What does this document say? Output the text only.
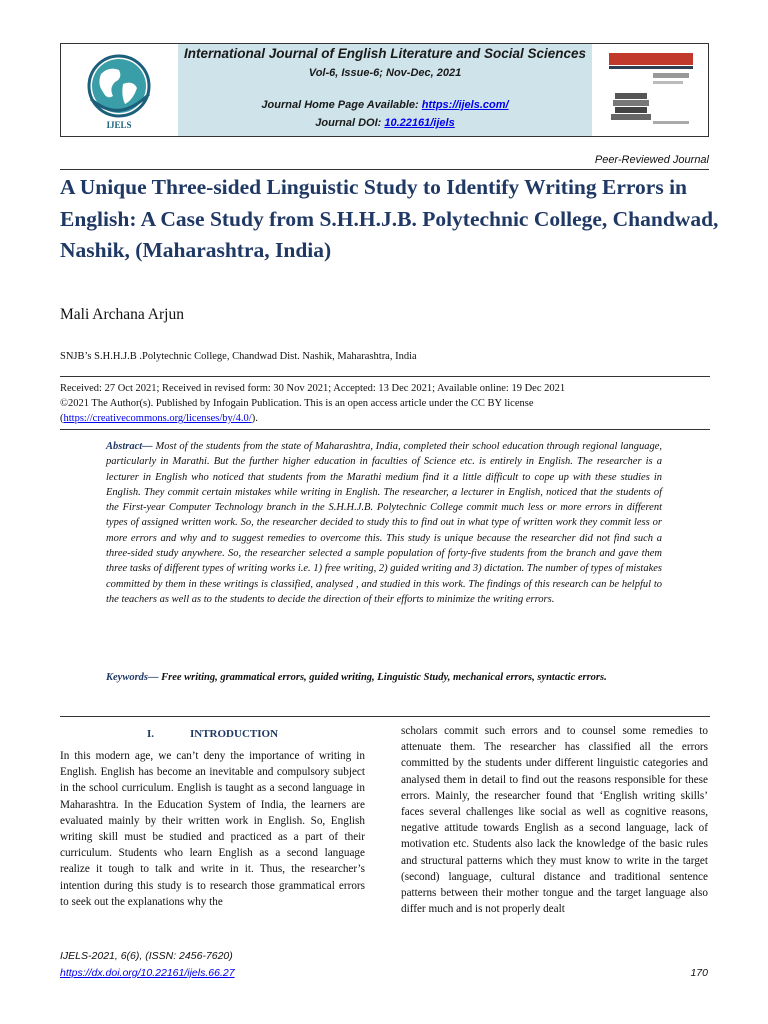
IJELS
International Journal of English Literature and Social Sciences
Vol-6, Issue-6; Nov-Dec, 2021
Journal Home Page Available: https://ijels.com/
Journal DOI: 10.22161/ijels
Peer-Reviewed Journal
A Unique Three-sided Linguistic Study to Identify Writing Errors in English: A Case Study from S.H.H.J.B. Polytechnic College, Chandwad, Nashik, (Maharashtra, India)
Mali Archana Arjun
SNJB’s S.H.H.J.B .Polytechnic College, Chandwad Dist. Nashik, Maharashtra, India
Received: 27 Oct 2021; Received in revised form: 30 Nov 2021; Accepted: 13 Dec 2021; Available online: 19 Dec 2021
©2021 The Author(s). Published by Infogain Publication. This is an open access article under the CC BY license
(https://creativecommons.org/licenses/by/4.0/).
Abstract— Most of the students from the state of Maharashtra, India, completed their school education through regional language, particularly in Marathi. But the further higher education in faculties of Science etc. is entirely in English. The researcher is a lecturer in English who noticed that students from the Marathi medium find it a little difficult to cope up with these studies in English. They commit certain mistakes while writing in English. The researcher, a lecturer in English, noticed that the students of the First-year Computer Technology branch in the S.H.H.J.B. Polytechnic College commit much less or more errors in different types of assigned written work. So, the researcher decided to study this to find out in what type of written work they commit less or more errors and why and to suggest remedies to overcome this. This study is unique because the researcher did not find such a three-sided study anywhere. So, the researcher selected a sample population of forty-five students from the branch and gave them three tasks of different types of writing works i.e. 1) free writing, 2) guided writing and 3) dictation. The number of types of mistakes committed by them in these writings is classified, analysed , and studied in this work. The findings of this research can be helpful to the teachers as well as to the students to decide the direction of their efforts to minimize the writing errors.
Keywords— Free writing, grammatical errors, guided writing, Linguistic Study, mechanical errors, syntactic errors.
I.	INTRODUCTION
In this modern age, we can’t deny the importance of writing in English. English has become an inevitable and compulsory subject in the school curriculum. English is taught as a second language in Maharashtra. In the Education System of India, the learners are evaluated mainly by their written work in English. So, English writing skill must be studied and practiced as a part of their curriculum. Students who learn English as a second language realize it tough to talk and write in it. Thus, the researcher’s intention during this study is to research those grammatical errors to seek out the explanations why the
scholars commit such errors and to counsel some remedies to attenuate them. The researcher has classified all the errors committed by the students under different linguistic categories and analysed them in detail to find out the reasons responsible for these errors. Mainly, the researcher found that ‘English writing skills’ faces several challenges like social as well as cognitive reasons, negative attitude towards English as a second language, lack of motivation etc. Students also lack the knowledge of the basic rules and structural patterns which they must know to write in the target (second) language, cultural distance and traditional sentence patterns between their mother tongue and the target language also differ much and is not properly dealt
IJELS-2021, 6(6), (ISSN: 2456-7620)
https://dx.doi.org/10.22161/ijels.66.27	170
